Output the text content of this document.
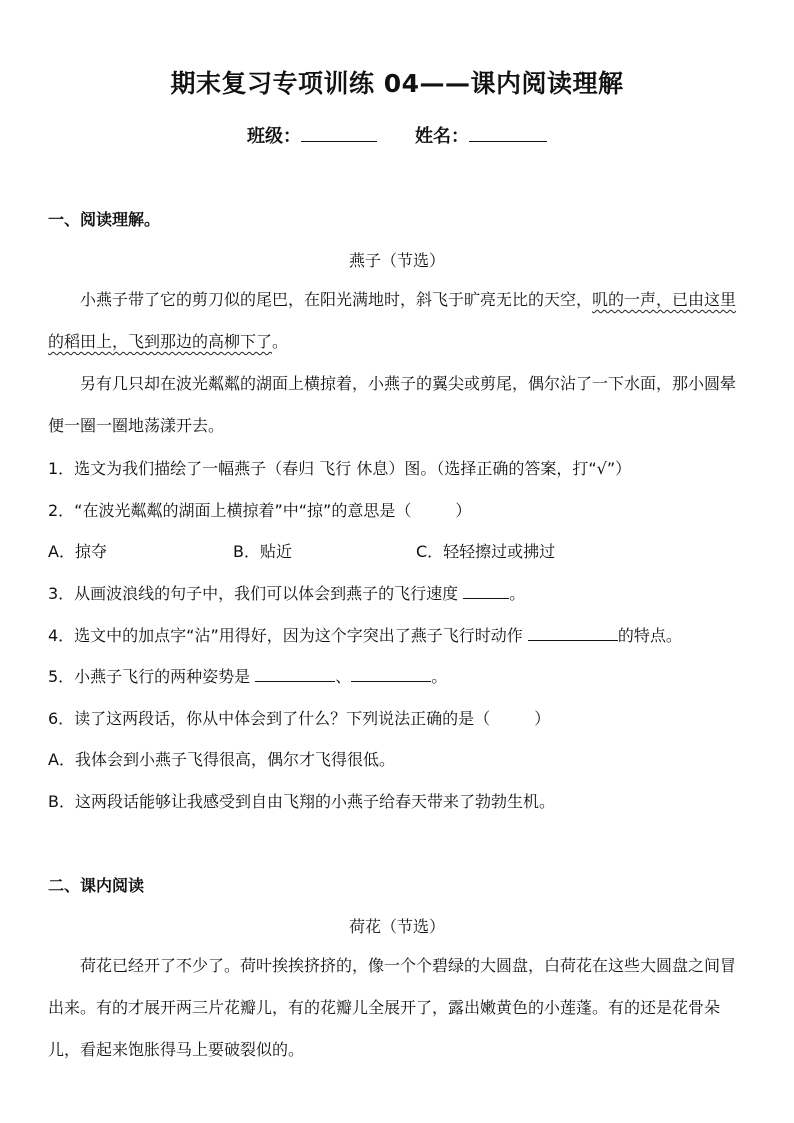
期末复习专项训练 04——课内阅读理解
班级：	姓名：
一、阅读理解。
燕子（节选）

小燕子带了它的剪刀似的尾巴，在阳光满地时，斜飞于旷亮无比的天空，叽的一声，已由这里的稻田上，飞到那边的高柳下了。

另有几只却在波光粼粼的湖面上横掠着，小燕子的翼尖或剪尾，偶尔沾了一下水面，那小圆晕便一圈一圈地荡漾开去。

1．选文为我们描绘了一幅燕子（春归 飞行 休息）图。（选择正确的答案，打“√”）
2．“在波光粼粼的湖面上横掠着”中“掠”的意思是（	）
A．掠夺	B．贴近	C．轻轻擦过或拂过
3．从画波浪线的句子中，我们可以体会到燕子的飞行速度	。
4．选文中的加点字“沾”用得好，因为这个字突出了燕子飞行时动作	的特点。
5．小燕子飞行的两种姿势是	、	。
6．读了这两段话，你从中体会到了什么？下列说法正确的是（	）
A．我体会到小燕子飞得很高，偶尔才飞得很低。
B．这两段话能够让我感受到自由飞翔的小燕子给春天带来了勃勃生机。
二、课内阅读
荷花（节选）

荷花已经开了不少了。荷叶挨挨挤挤的，像一个个碧绿的大圆盘，白荷花在这些大圆盘之间冒出来。有的才展开两三片花瓣儿，有的花瓣儿全展开了，露出嫩黄色的小莲蓬。有的还是花骨朵儿，看起来饱胀得马上要破裂似的。
